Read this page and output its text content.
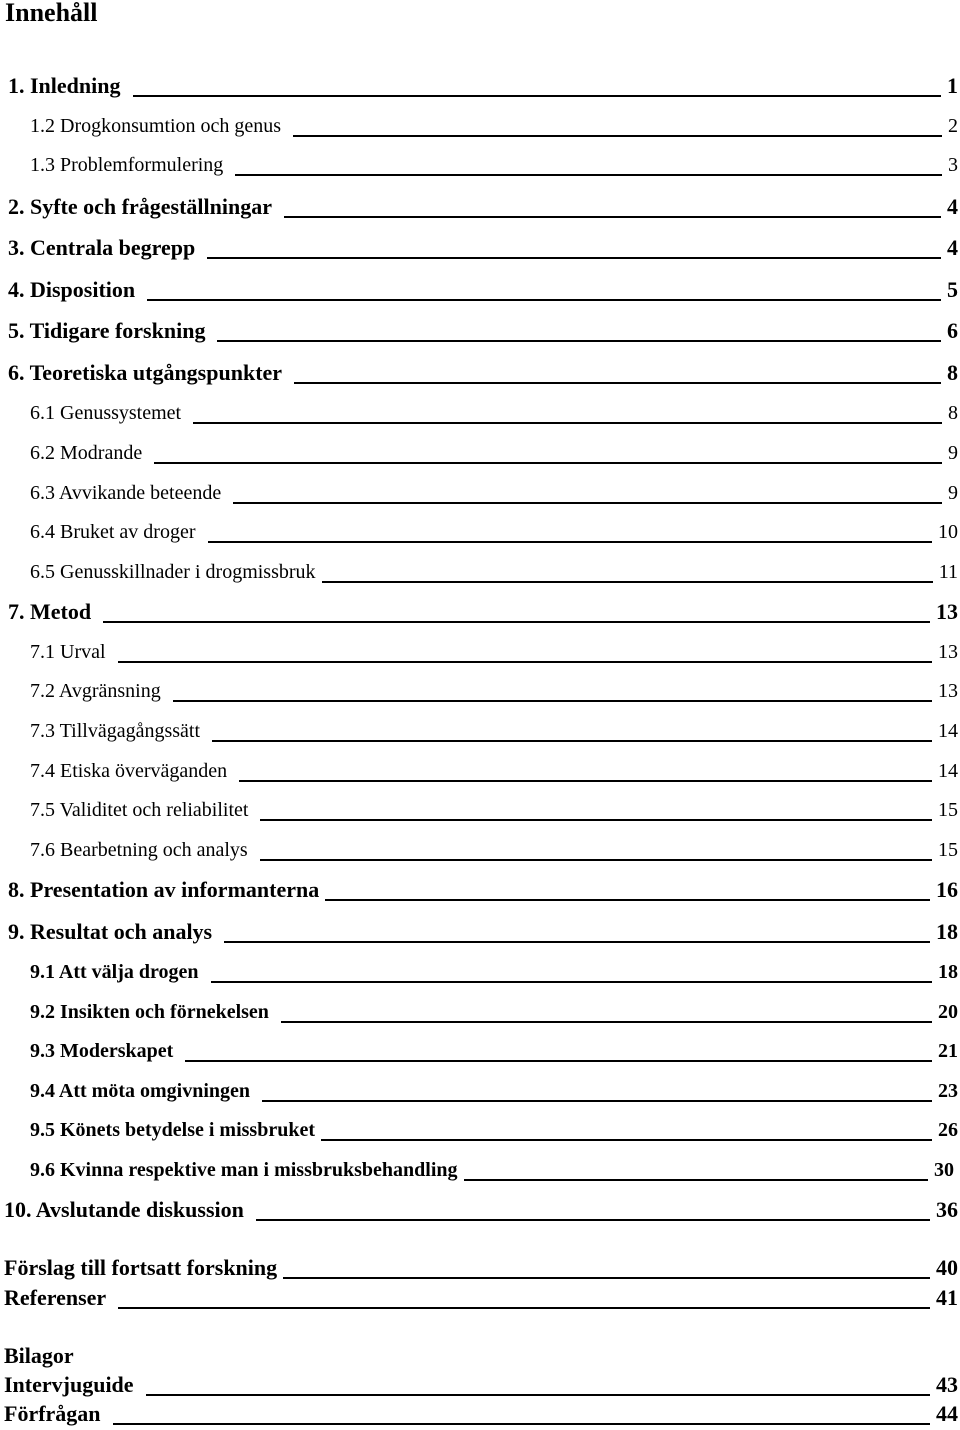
Innehåll
1. Inledning	1
1.2 Drogkonsumtion och genus	2
1.3 Problemformulering	3
2. Syfte och frågeställningar	4
3. Centrala begrepp	4
4. Disposition	5
5. Tidigare forskning	6
6. Teoretiska utgångspunkter	8
6.1 Genussystemet	8
6.2 Modrande	9
6.3 Avvikande beteende	9
6.4 Bruket av droger	10
6.5 Genusskillnader i drogmissbruk	11
7. Metod	13
7.1 Urval	13
7.2 Avgränsning	13
7.3 Tillvägagångssätt	14
7.4 Etiska överväganden	14
7.5 Validitet och reliabilitet	15
7.6 Bearbetning och analys	15
8. Presentation av informanterna	16
9. Resultat och analys	18
9.1 Att välja drogen	18
9.2 Insikten och förnekelsen	20
9.3 Moderskapet	21
9.4 Att möta omgivningen	23
9.5 Könets betydelse i missbruket	26
9.6 Kvinna respektive man i missbruksbehandling	30
10. Avslutande diskussion	36
Förslag till fortsatt forskning	40
Referenser	41
Bilagor
Intervjuguide	43
Förfrågan	44
